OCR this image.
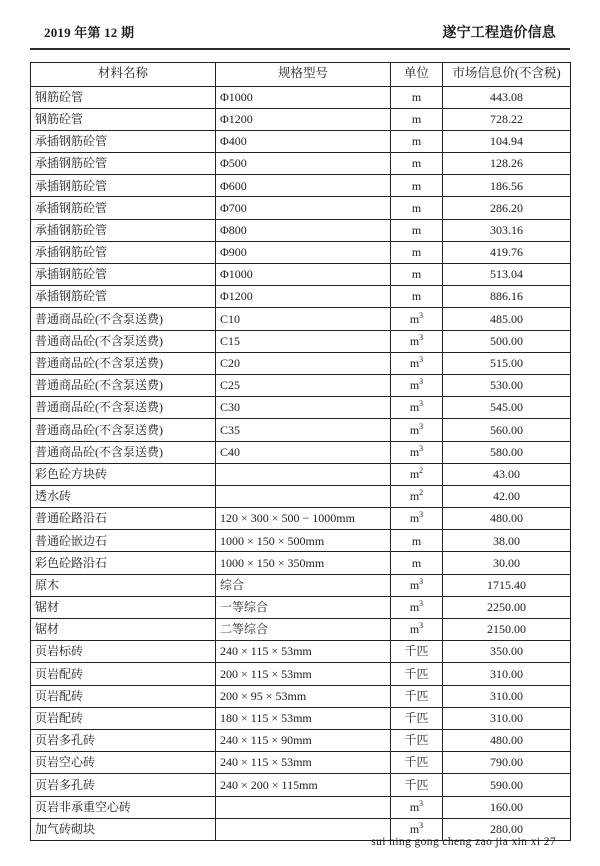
2019 年第 12 期	遂宁工程造价信息
材料名称	规格型号	单位	市场信息价(不含税)
钢筋砼管	Φ1000	m	443.08
钢筋砼管	Φ1200	m	728.22
承插钢筋砼管	Φ400	m	104.94
承插钢筋砼管	Φ500	m	128.26
承插钢筋砼管	Φ600	m	186.56
承插钢筋砼管	Φ700	m	286.20
承插钢筋砼管	Φ800	m	303.16
承插钢筋砼管	Φ900	m	419.76
承插钢筋砼管	Φ1000	m	513.04
承插钢筋砼管	Φ1200	m	886.16
普通商品砼(不含泵送费)	C10	$m^3$	485.00
普通商品砼(不含泵送费)	C15	$m^3$	500.00
普通商品砼(不含泵送费)	C20	$m^3$	515.00
普通商品砼(不含泵送费)	C25	$m^3$	530.00
普通商品砼(不含泵送费)	C30	$m^3$	545.00
普通商品砼(不含泵送费)	C35	$m^3$	560.00
普通商品砼(不含泵送费)	C40	$m^3$	580.00
彩色砼方块砖		$m^2$	43.00
透水砖		$m^2$	42.00
普通砼路沿石	120 × 300 × 500 − 1000mm	$m^3$	480.00
普通砼嵌边石	1000 × 150 × 500mm	m	38.00
彩色砼路沿石	1000 × 150 × 350mm	m	30.00
原木	综合	$m^3$	1715.40
锯材	一等综合	$m^3$	2250.00
锯材	二等综合	$m^3$	2150.00
页岩标砖	240 × 115 × 53mm	千匹	350.00
页岩配砖	200 × 115 × 53mm	千匹	310.00
页岩配砖	200 × 95 × 53mm	千匹	310.00
页岩配砖	180 × 115 × 53mm	千匹	310.00
页岩多孔砖	240 × 115 × 90mm	千匹	480.00
页岩空心砖	240 × 115 × 53mm	千匹	790.00
页岩多孔砖	240 × 200 × 115mm	千匹	590.00
页岩非承重空心砖		$m^3$	160.00
加气砖砌块		$m^3$	280.00
sui ning gong cheng zao jia xin xi 27
